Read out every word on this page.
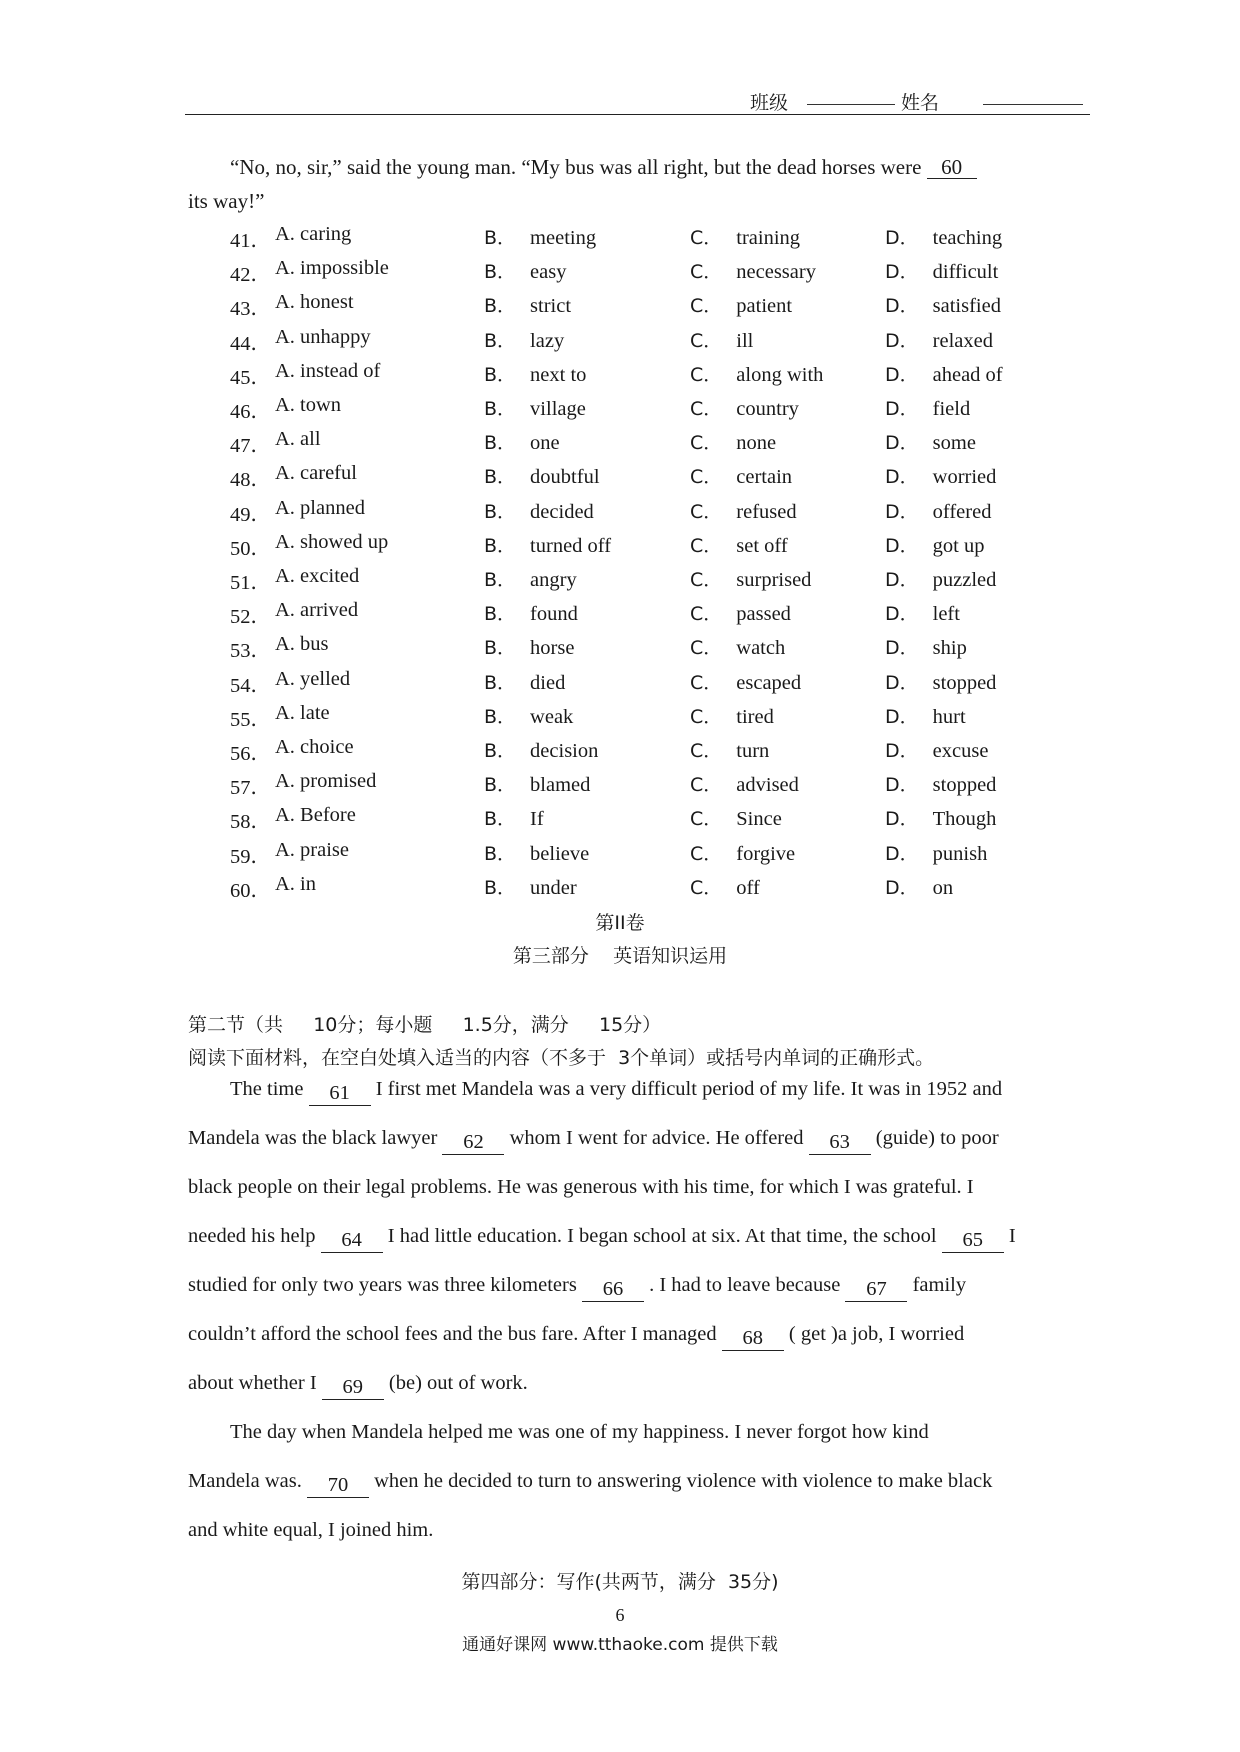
班级	姓名
“No, no, sir,” said the young man. “My bus was all right, but the dead horses were 60
its way!”
41． A. caring	B． meeting	C． training	D． teaching
42． A. impossible	B． easy	C． necessary	D． difficult
43． A. honest	B． strict	C． patient	D． satisfied
44． A. unhappy	B． lazy	C． ill	D． relaxed
45． A. instead of	B． next to	C． along with	D． ahead of
46． A. town	B． village	C． country	D． field
47． A. all	B． one	C． none	D． some
48． A. careful	B． doubtful	C． certain	D． worried
49． A. planned	B． decided	C． refused	D． offered
50． A. showed up	B． turned off	C． set off	D． got up
51． A. excited	B． angry	C． surprised	D． puzzled
52． A. arrived	B． found	C． passed	D． left
53． A. bus	B． horse	C． watch	D． ship
54． A. yelled	B． died	C． escaped	D． stopped
55． A. late	B． weak	C． tired	D． hurt
56． A. choice	B． decision	C． turn	D． excuse
57． A. promised	B． blamed	C． advised	D． stopped
58． A. Before	B． If	C． Since	D． Though
59． A. praise	B． believe	C． forgive	D． punish
60． A. in	B． under	C． off	D． on
第II卷
第三部分    英语知识运用
第二节（共     10分；每小题     1.5分，满分     15分）
阅读下面材料，在空白处填入适当的内容（不多于  3个单词）或括号内单词的正确形式。
The time 61 I first met Mandela was a very difficult period of my life. It was in 1952 and
Mandela was the black lawyer 62 whom I went for advice. He offered 63 (guide) to poor
black people on their legal problems. He was generous with his time, for which I was grateful. I
needed his help 64 I had little education. I began school at six. At that time, the school 65 I
studied for only two years was three kilometers 66 . I had to leave because 67 family
couldn’t afford the school fees and the bus fare. After I managed 68 ( get )a job, I worried
about whether I 69 (be) out of work.
The day when Mandela helped me was one of my happiness. I never forgot how kind
Mandela was. 70 when he decided to turn to answering violence with violence to make black
and white equal, I joined him.
第四部分：写作(共两节，满分  35分)
6
通通好课网 www.tthaoke.com 提供下载
